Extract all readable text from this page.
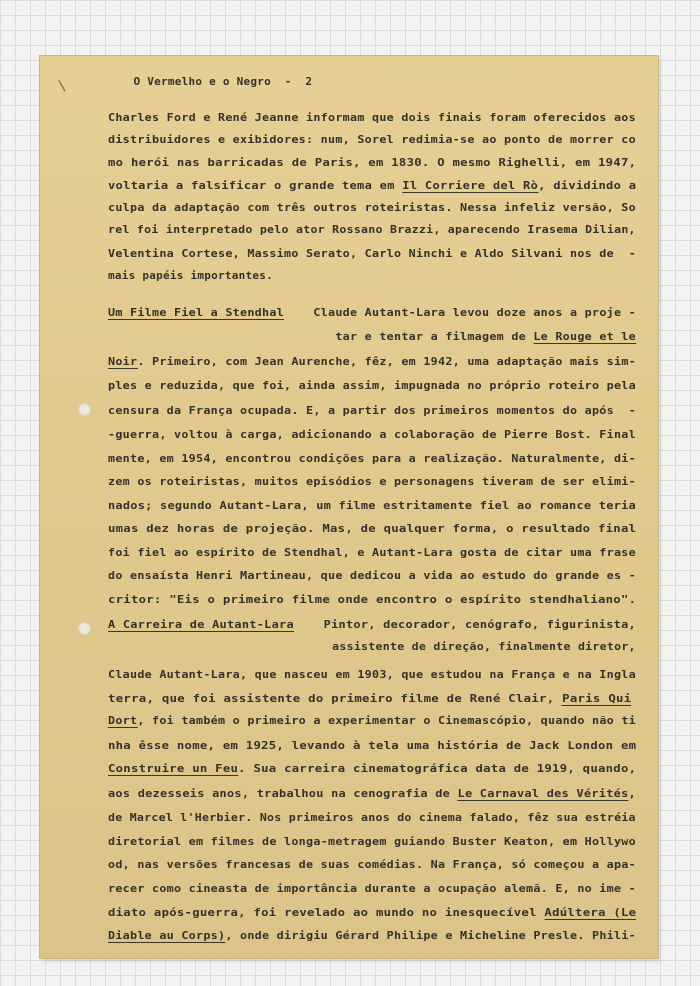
/	O Vermelho e o Negro  -  2

Charles Ford e René Jeanne informam que dois finais foram oferecidos aos
distribuidores e exibidores: num, Sorel redimia-se ao ponto de morrer co
mo herói nas barricadas de Paris, em 1830. O mesmo Righelli, em 1947,
voltaria a falsificar o grande tema em Il Corriere del Rò, dividindo a
culpa da adaptação com três outros roteiristas. Nessa infeliz versão, So
rel foi interpretado pelo ator Rossano Brazzi, aparecendo Irasema Dilian,
Velentina Cortese, Massimo Serato, Carlo Ninchi e Aldo Silvani nos de  -
mais papéis importantes.
Um Filme Fiel a Stendhal    Claude Autant-Lara levou doze anos a proje -
tar e tentar a filmagem de Le Rouge et le
Noir. Primeiro, com Jean Aurenche, fêz, em 1942, uma adaptação mais sim-
ples e reduzida, que foi, ainda assim, impugnada no próprio roteiro pela
censura da França ocupada. E, a partir dos primeiros momentos do após  -
-guerra, voltou à carga, adicionando a colaboração de Pierre Bost. Final
mente, em 1954, encontrou condições para a realização. Naturalmente, di-
zem os roteiristas, muitos episódios e personagens tiveram de ser elimi-
nados; segundo Autant-Lara, um filme estritamente fiel ao romance teria
umas dez horas de projeção. Mas, de qualquer forma, o resultado final
foi fiel ao espírito de Stendhal, e Autant-Lara gosta de citar uma frase
do ensaísta Henri Martineau, que dedicou a vida ao estudo do grande es -
critor: "Eis o primeiro filme onde encontro o espírito stendhaliano".
A Carreira de Autant-Lara    Pintor, decorador, cenógrafo, figurinista,
assistente de direção, finalmente diretor,
Claude Autant-Lara, que nasceu em 1903, que estudou na França e na Ingla
terra, que foi assistente do primeiro filme de René Clair, Paris Qui
Dort, foi também o primeiro a experimentar o Cinemascópio, quando não ti
nha êsse nome, em 1925, levando à tela uma história de Jack London em
Construire un Feu. Sua carreira cinematográfica data de 1919, quando,
aos dezesseis anos, trabalhou na cenografia de Le Carnaval des Vérités,
de Marcel l'Herbier. Nos primeiros anos do cinema falado, fêz sua estréia
diretorial em filmes de longa-metragem guiando Buster Keaton, em Hollywo
od, nas versões francesas de suas comédias. Na França, só começou a apa-
recer como cineasta de importância durante a ocupação alemã. E, no ime -
diato após-guerra, foi revelado ao mundo no inesquecível Adúltera (Le
Diable au Corps), onde dirigiu Gérard Philipe e Micheline Presle. Phili-
